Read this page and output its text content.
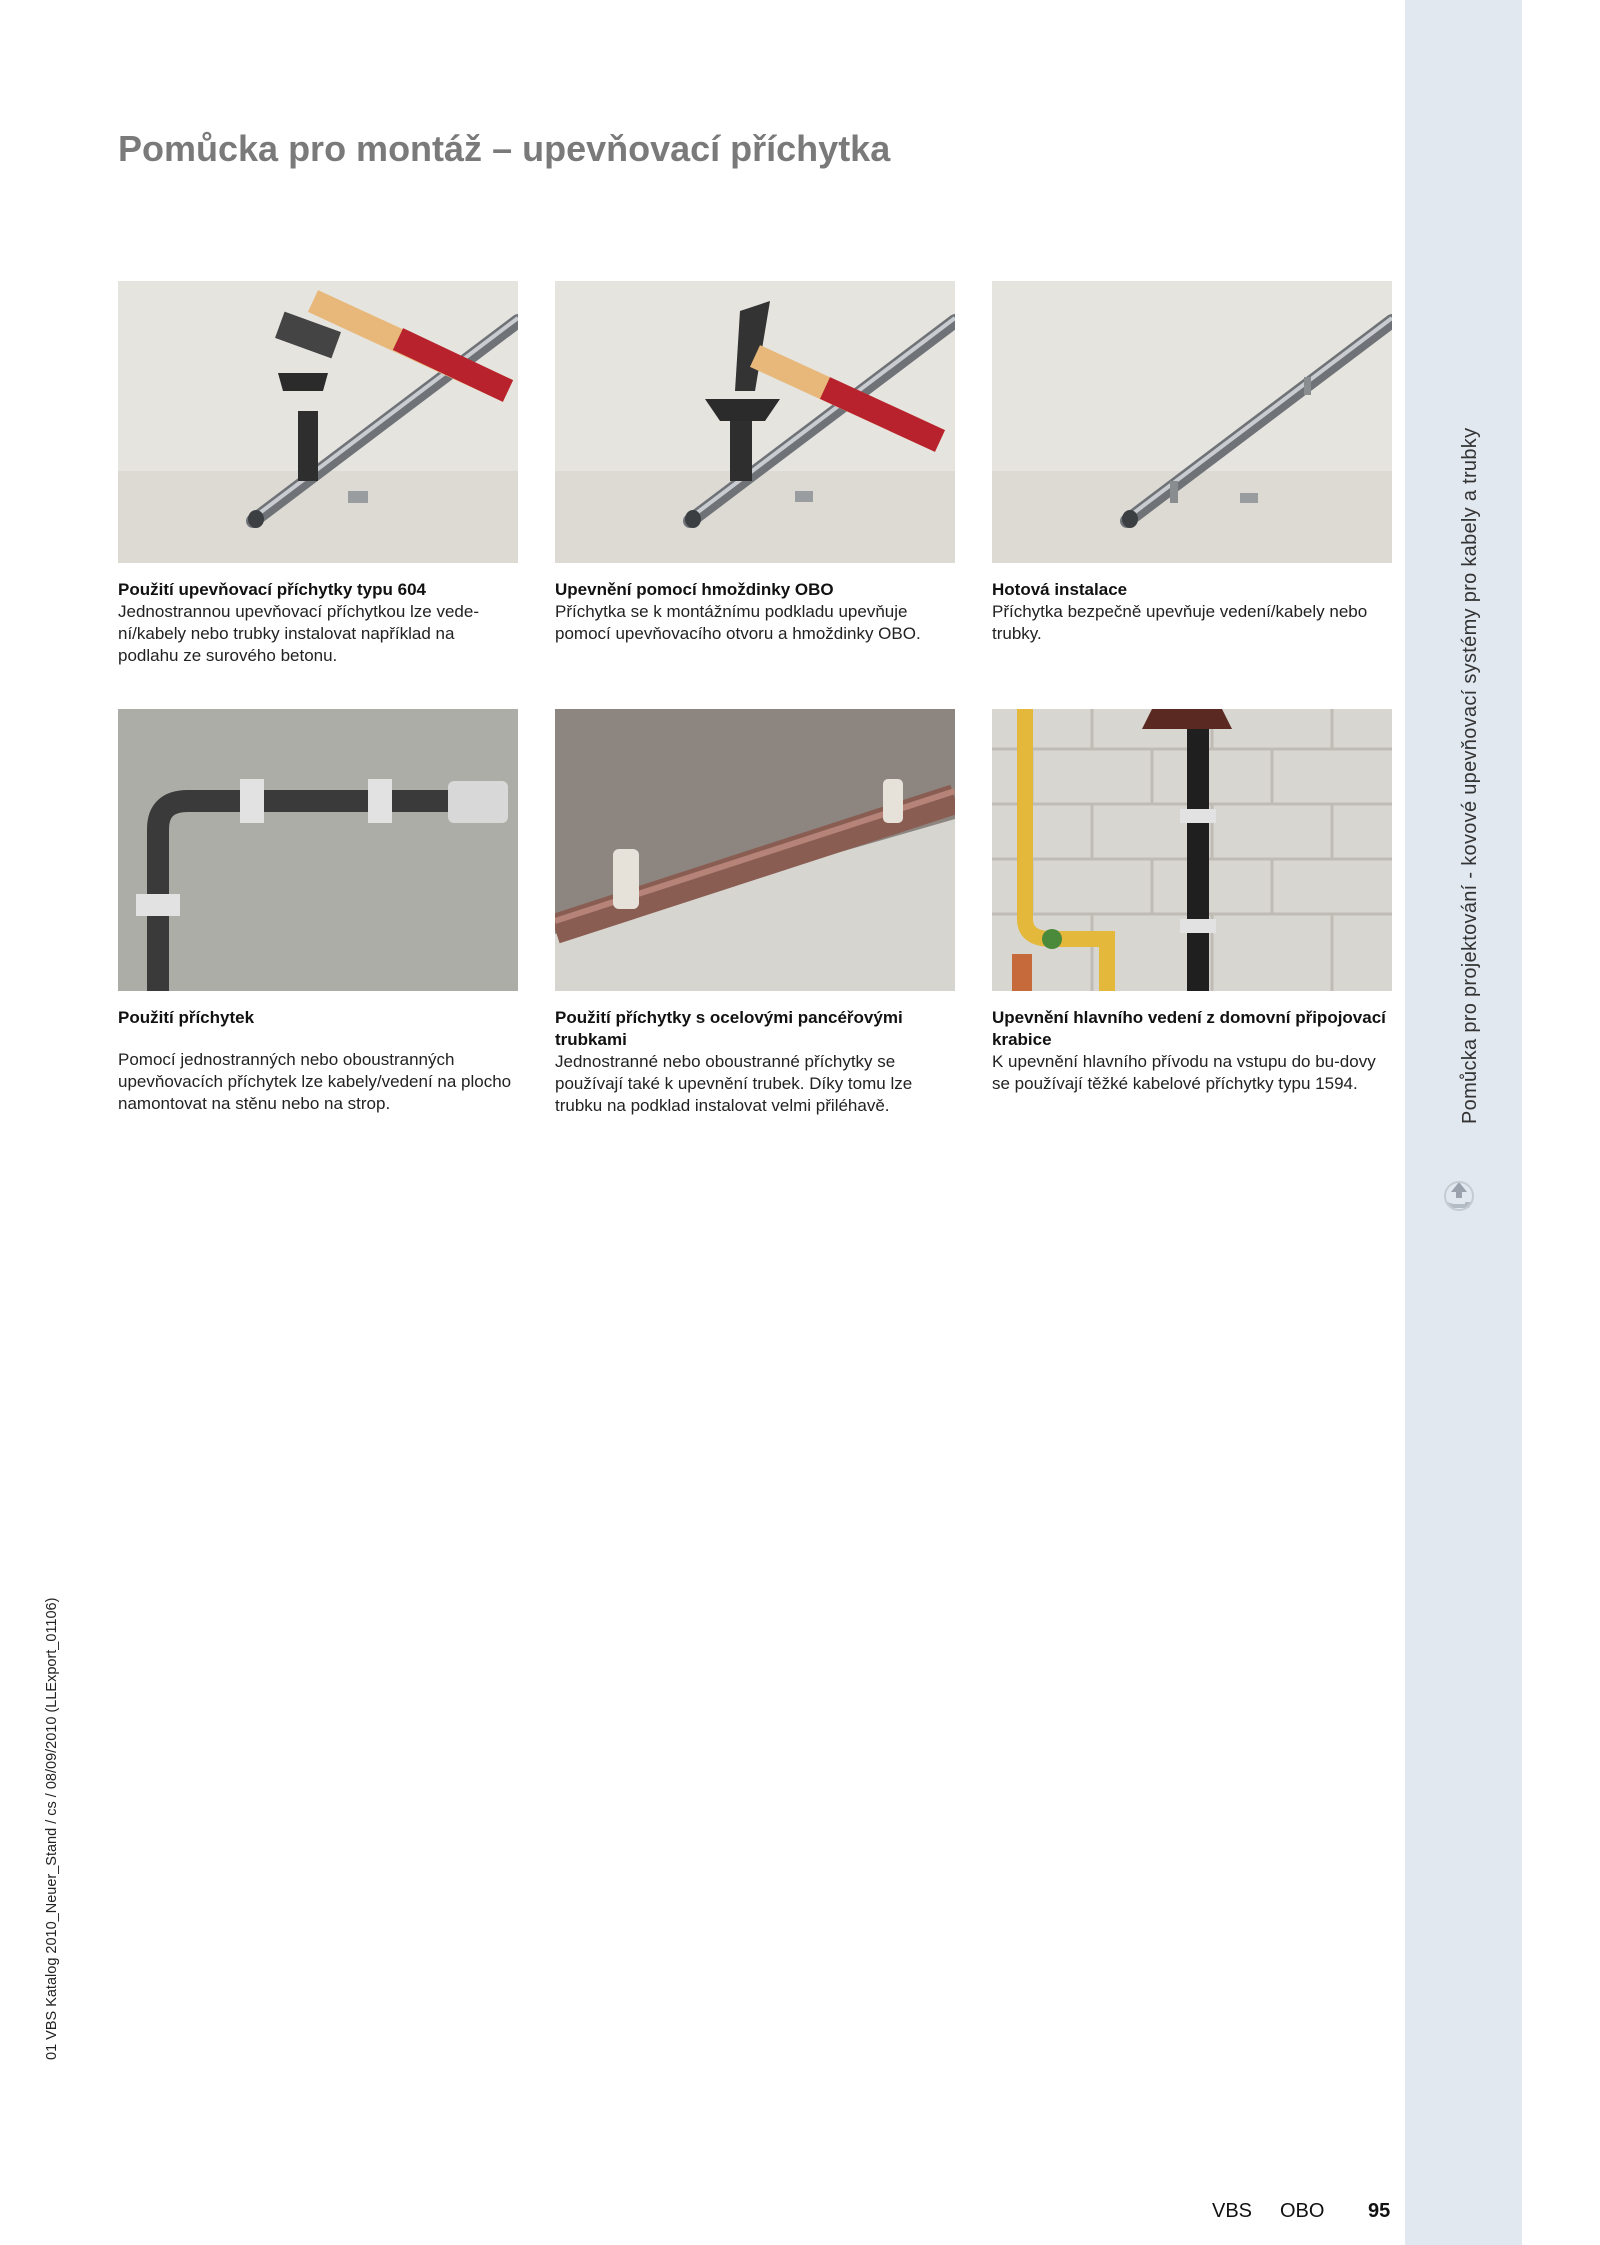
Pomůcka pro projektování - kovové upevňovací systémy pro kabely a trubky
01 VBS Katalog 2010_Neuer_Stand / cs / 08/09/2010 (LLExport_01106)
Pomůcka pro montáž – upevňovací příchytka
Použití upevňovací příchytky typu 604
Jednostrannou upevňovací příchytkou lze vede-ní/kabely nebo trubky instalovat například na podlahu ze surového betonu.
Upevnění pomocí hmoždinky OBO
Příchytka se k montážnímu podkladu upevňuje pomocí upevňovacího otvoru a hmoždinky OBO.
Hotová instalace
Příchytka bezpečně upevňuje vedení/kabely nebo trubky.
Použití příchytek
Pomocí jednostranných nebo oboustranných upevňovacích příchytek lze kabely/vedení na plocho namontovat na stěnu nebo na strop.
Použití příchytky s ocelovými pancéřovými trubkami
Jednostranné nebo oboustranné příchytky se používají také k upevnění trubek. Díky tomu lze trubku na podklad instalovat velmi přiléhavě.
Upevnění hlavního vedení z domovní připojovací krabice
K upevnění hlavního přívodu na vstupu do bu-dovy se používají těžké kabelové příchytky typu 1594.
VBS OBO 95
